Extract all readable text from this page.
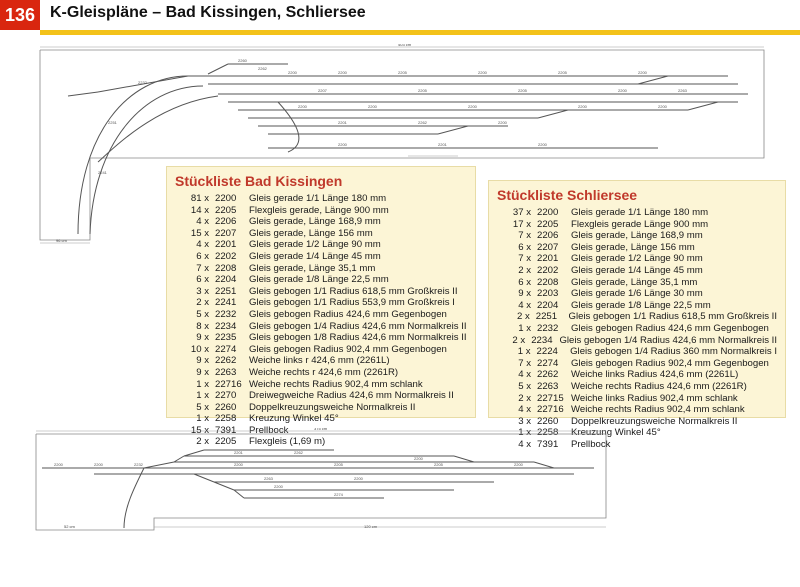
136 K-Gleispläne – Bad Kissingen, Schliersee
403 cm
96 cm
2200	2200	2205	2200	2205	2200
2207	2205	2205	2200	2263
2200	2200	2200	2200	2200
2201	2262	2200
2200	2201	2200
2232
2251
2241
2260
2262
Stückliste Bad Kissingen
81 x 2200	Gleis gerade 1/1 Länge 180 mm
14 x 2205	Flexgleis gerade, Länge 900 mm
4 x 2206	Gleis gerade, Länge 168,9 mm
15 x 2207	Gleis gerade, Länge 156 mm
4 x 2201	Gleis gerade 1/2 Länge 90 mm
6 x 2202	Gleis gerade 1/4 Länge 45 mm
7 x 2208	Gleis gerade, Länge 35,1 mm
6 x 2204	Gleis gerade 1/8 Länge 22,5 mm
3 x 2251	Gleis gebogen 1/1 Radius 618,5 mm Großkreis II
2 x 2241	Gleis gebogen 1/1 Radius 553,9 mm Großkreis I
5 x 2232	Gleis gebogen Radius 424,6 mm Gegenbogen
8 x 2234	Gleis gebogen 1/4 Radius 424,6 mm Normalkreis II
9 x 2235	Gleis gebogen 1/8 Radius 424,6 mm Normalkreis II
10 x 2274	Gleis gebogen Radius 902,4 mm Gegenbogen
9 x 2262	Weiche links r 424,6 mm (2261L)
9 x 2263	Weiche rechts r 424,6 mm (2261R)
1 x 22716 Weiche rechts Radius 902,4 mm schlank
1 x 2270	Dreiwegweiche Radius 424,6 mm Normalkreis II
5 x 2260	Doppelkreuzungsweiche Normalkreis II
1 x 2258	Kreuzung Winkel 45°
15 x 7391	Prellbock
2 x 2205	Flexgleis (1,69 m)
Stückliste Schliersee
37 x 2200	Gleis gerade 1/1 Länge 180 mm
17 x 2205	Flexgleis gerade Länge 900 mm
7 x 2206	Gleis gerade, Länge 168,9 mm
6 x 2207	Gleis gerade, Länge 156 mm
7 x 2201	Gleis gerade 1/2 Länge 90 mm
2 x 2202	Gleis gerade 1/4 Länge 45 mm
6 x 2208	Gleis gerade, Länge 35,1 mm
9 x 2203	Gleis gerade 1/6 Länge 30 mm
4 x 2204	Gleis gerade 1/8 Länge 22,5 mm
2 x 2251	Gleis gebogen 1/1 Radius 618,5 mm Großkreis II
1 x 2232	Gleis gebogen Radius 424,6 mm Gegenbogen
2 x 2234 Gleis gebogen 1/4 Radius 424,6 mm Normalkreis II
1 x 2224	Gleis gebogen 1/4 Radius 360 mm Normalkreis I
7 x 2274	Gleis gebogen Radius 902,4 mm Gegenbogen
4 x 2262	Weiche links Radius 424,6 mm (2261L)
5 x 2263	Weiche rechts Radius 424,6 mm (2261R)
2 x 22715 Weiche links Radius 902,4 mm schlank
4 x 22716 Weiche rechts Radius 902,4 mm schlank
3 x 2260	Doppelkreuzungsweiche Normalkreis II
1 x 2258	Kreuzung Winkel 45°
4 x 7391	Prellbock
375 cm
52 cm	120 cm
2200	2200	2232	2200	2205	2205	2200
2201	2262
2263	2200
2200
2274
2200
